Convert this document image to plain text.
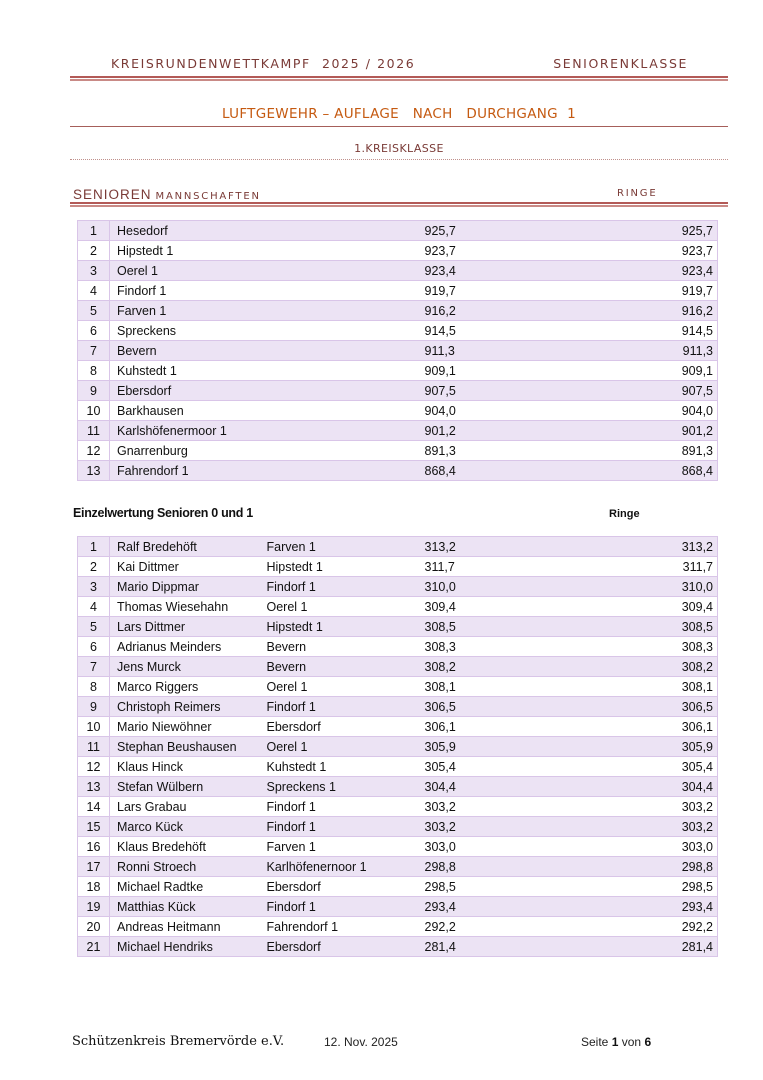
KREISRUNDENWETTKAMPF  2025 / 2026	SENIORENKLASSE
LUFTGEWEHR – AUFLAGE   NACH   DURCHGANG  1
1.KREISKLASSE
SENIOREN MANNSCHAFTEN	RINGE
1	Hesedorf	925,7	925,7
2	Hipstedt 1	923,7	923,7
3	Oerel 1	923,4	923,4
4	Findorf 1	919,7	919,7
5	Farven 1	916,2	916,2
6	Spreckens	914,5	914,5
7	Bevern	911,3	911,3
8	Kuhstedt 1	909,1	909,1
9	Ebersdorf	907,5	907,5
10	Barkhausen	904,0	904,0
11	Karlshöfenermoor 1	901,2	901,2
12	Gnarrenburg	891,3	891,3
13	Fahrendorf 1	868,4	868,4
Einzelwertung Senioren 0 und 1	Ringe
1	Ralf Bredehöft	Farven 1	313,2	313,2
2	Kai Dittmer	Hipstedt 1	311,7	311,7
3	Mario Dippmar	Findorf 1	310,0	310,0
4	Thomas Wiesehahn	Oerel 1	309,4	309,4
5	Lars Dittmer	Hipstedt 1	308,5	308,5
6	Adrianus Meinders	Bevern	308,3	308,3
7	Jens Murck	Bevern	308,2	308,2
8	Marco Riggers	Oerel 1	308,1	308,1
9	Christoph Reimers	Findorf 1	306,5	306,5
10	Mario Niewöhner	Ebersdorf	306,1	306,1
11	Stephan Beushausen	Oerel 1	305,9	305,9
12	Klaus Hinck	Kuhstedt 1	305,4	305,4
13	Stefan Wülbern	Spreckens 1	304,4	304,4
14	Lars Grabau	Findorf 1	303,2	303,2
15	Marco Kück	Findorf 1	303,2	303,2
16	Klaus Bredehöft	Farven 1	303,0	303,0
17	Ronni Stroech	Karlhöfenernoor 1	298,8	298,8
18	Michael Radtke	Ebersdorf	298,5	298,5
19	Matthias Kück	Findorf 1	293,4	293,4
20	Andreas Heitmann	Fahrendorf 1	292,2	292,2
21	Michael Hendriks	Ebersdorf	281,4	281,4
Schützenkreis Bremervörde e.V.	12. Nov. 2025	Seite 1 von 6
